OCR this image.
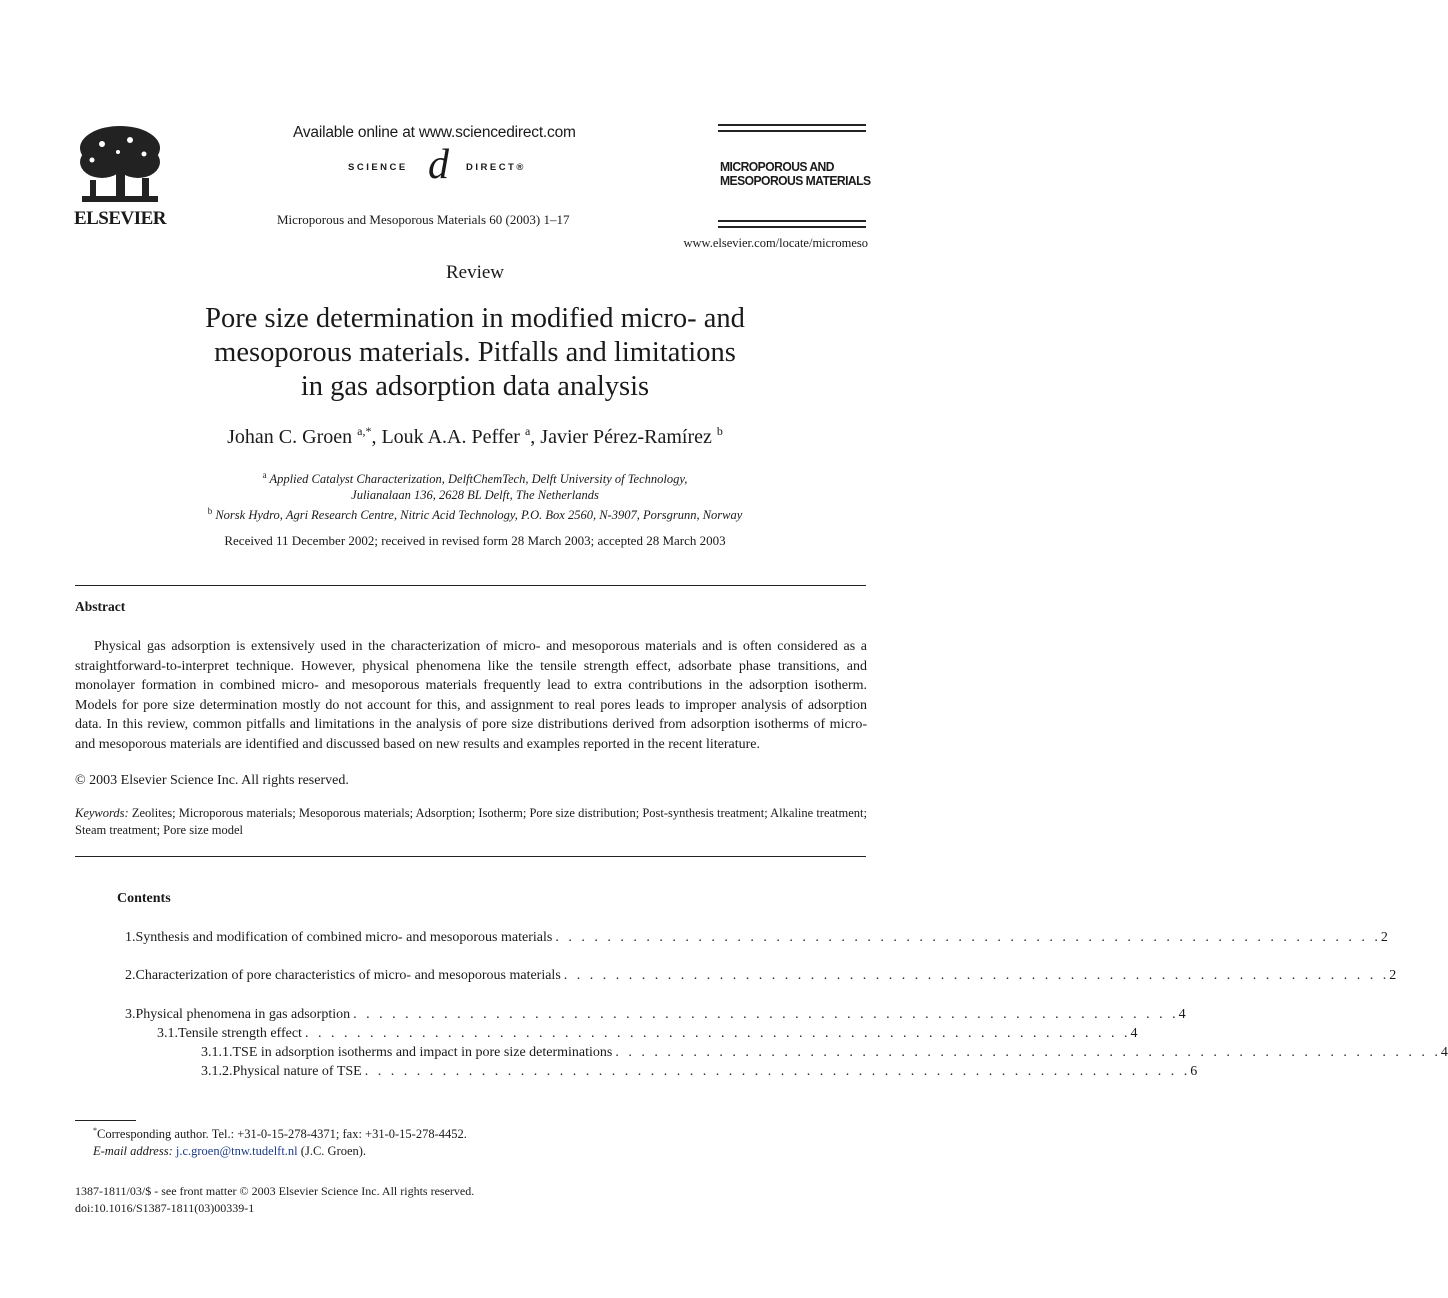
ELSEVIER
Available online at www.sciencedirect.com
SCIENCE d DIRECT®
Microporous and Mesoporous Materials 60 (2003) 1–17
MICROPOROUS AND
MESOPOROUS MATERIALS
www.elsevier.com/locate/micromeso
Review
Pore size determination in modified micro- and
mesoporous materials. Pitfalls and limitations
in gas adsorption data analysis
Johan C. Groen $^{a,*}$, Louk A.A. Peffer $^a$, Javier Pérez-Ramírez $^b$
$^a$ Applied Catalyst Characterization, DelftChemTech, Delft University of Technology,
Julianalaan 136, 2628 BL Delft, The Netherlands
$^b$ Norsk Hydro, Agri Research Centre, Nitric Acid Technology, P.O. Box 2560, N-3907, Porsgrunn, Norway
Received 11 December 2002; received in revised form 28 March 2003; accepted 28 March 2003
Abstract

Physical gas adsorption is extensively used in the characterization of micro- and mesoporous materials and is often considered as a straightforward-to-interpret technique. However, physical phenomena like the tensile strength effect, adsorbate phase transitions, and monolayer formation in combined micro- and mesoporous materials frequently lead to extra contributions in the adsorption isotherm. Models for pore size determination mostly do not account for this, and assignment to real pores leads to improper analysis of adsorption data. In this review, common pitfalls and limitations in the analysis of pore size distributions derived from adsorption isotherms of micro- and mesoporous materials are identified and discussed based on new results and examples reported in the recent literature.

© 2003 Elsevier Science Inc. All rights reserved.
Keywords: Zeolites; Microporous materials; Mesoporous materials; Adsorption; Isotherm; Pore size distribution; Post-synthesis treatment; Alkaline treatment; Steam treatment; Pore size model
Contents
1. Synthesis and modification of combined micro- and mesoporous materials . . . . . . . . . . . . . . . . . . . . . . . . . . . . . . . . . . . . . . . . . . . . . . . . . . . . . . . . . . . . . . . . 2
2. Characterization of pore characteristics of micro- and mesoporous materials . . . . . . . . . . . . . . . . . . . . . . . . . . . . . . . . . . . . . . . . . . . . . . . . . . . . . . . . . . . . . . . . 2
3. Physical phenomena in gas adsorption . . . . . . . . . . . . . . . . . . . . . . . . . . . . . . . . . . . . . . . . . . . . . . . . . . . . . . . . . . . . . . . . 4
3.1. Tensile strength effect . . . . . . . . . . . . . . . . . . . . . . . . . . . . . . . . . . . . . . . . . . . . . . . . . . . . . . . . . . . . . . . . 4
3.1.1. TSE in adsorption isotherms and impact in pore size determinations . . . . . . . . . . . . . . . . . . . . . . . . . . . . . . . . . . . . . . . . . . . . . . . . . . . . . . . . . . . . . . . . 4
3.1.2. Physical nature of TSE . . . . . . . . . . . . . . . . . . . . . . . . . . . . . . . . . . . . . . . . . . . . . . . . . . . . . . . . . . . . . . . . 6
*Corresponding author. Tel.: +31-0-15-278-4371; fax: +31-0-15-278-4452.
E-mail address: j.c.groen@tnw.tudelft.nl (J.C. Groen).
1387-1811/03/$ - see front matter © 2003 Elsevier Science Inc. All rights reserved.
doi:10.1016/S1387-1811(03)00339-1
